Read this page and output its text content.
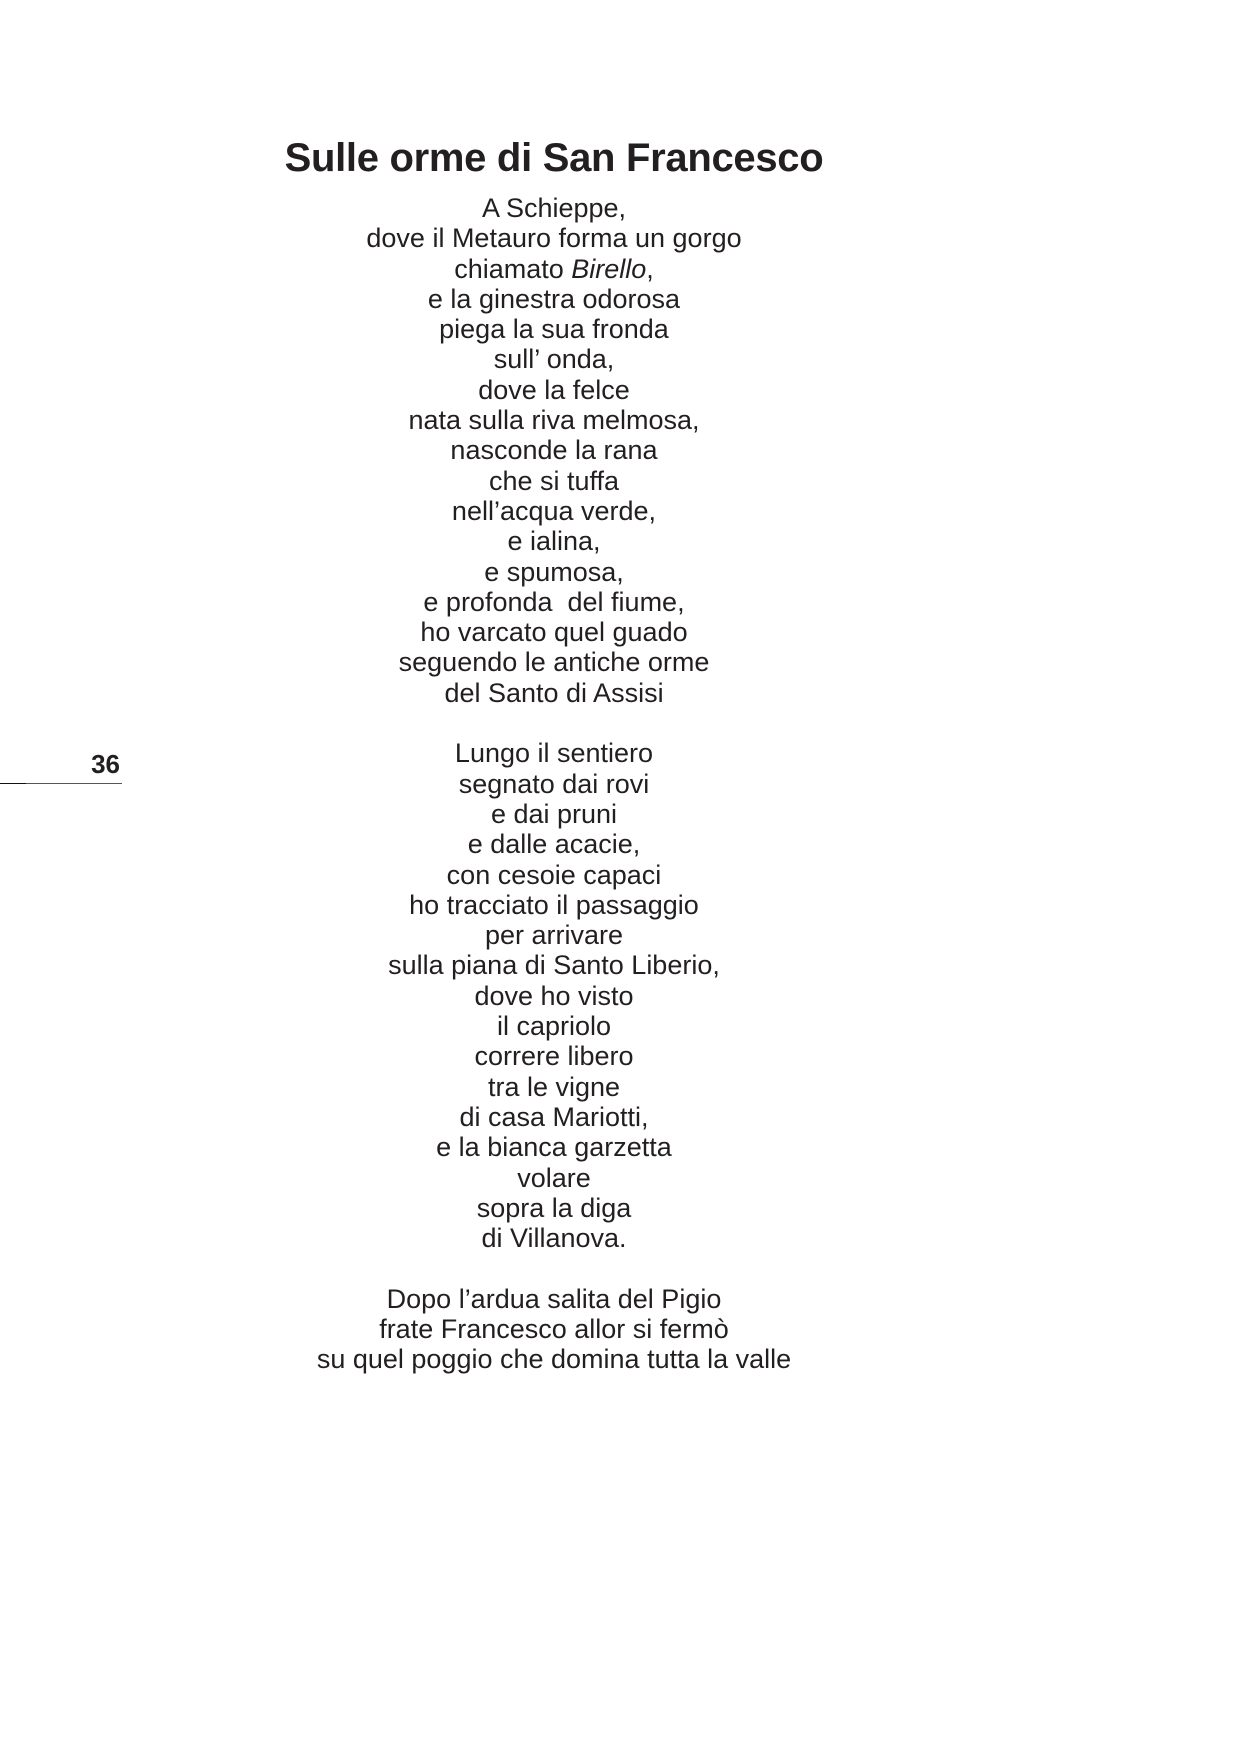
Sulle orme di San Francesco
A Schieppe,
dove il Metauro forma un gorgo
chiamato Birello,
e la ginestra odorosa
piega la sua fronda
sull’ onda,
dove la felce
nata sulla riva melmosa,
nasconde la rana
che si tuffa
nell’acqua verde,
e ialina,
e spumosa,
e profonda  del fiume,
ho varcato quel guado
seguendo le antiche orme
del Santo di Assisi
Lungo il sentiero
segnato dai rovi
e dai pruni
e dalle acacie,
con cesoie capaci
ho tracciato il passaggio
per arrivare
sulla piana di Santo Liberio,
dove ho visto
il capriolo
correre libero
tra le vigne
di casa Mariotti,
e la bianca garzetta
volare
sopra la diga
di Villanova.
Dopo l’ardua salita del Pigio
frate Francesco allor si fermò
su quel poggio che domina tutta la valle
36
